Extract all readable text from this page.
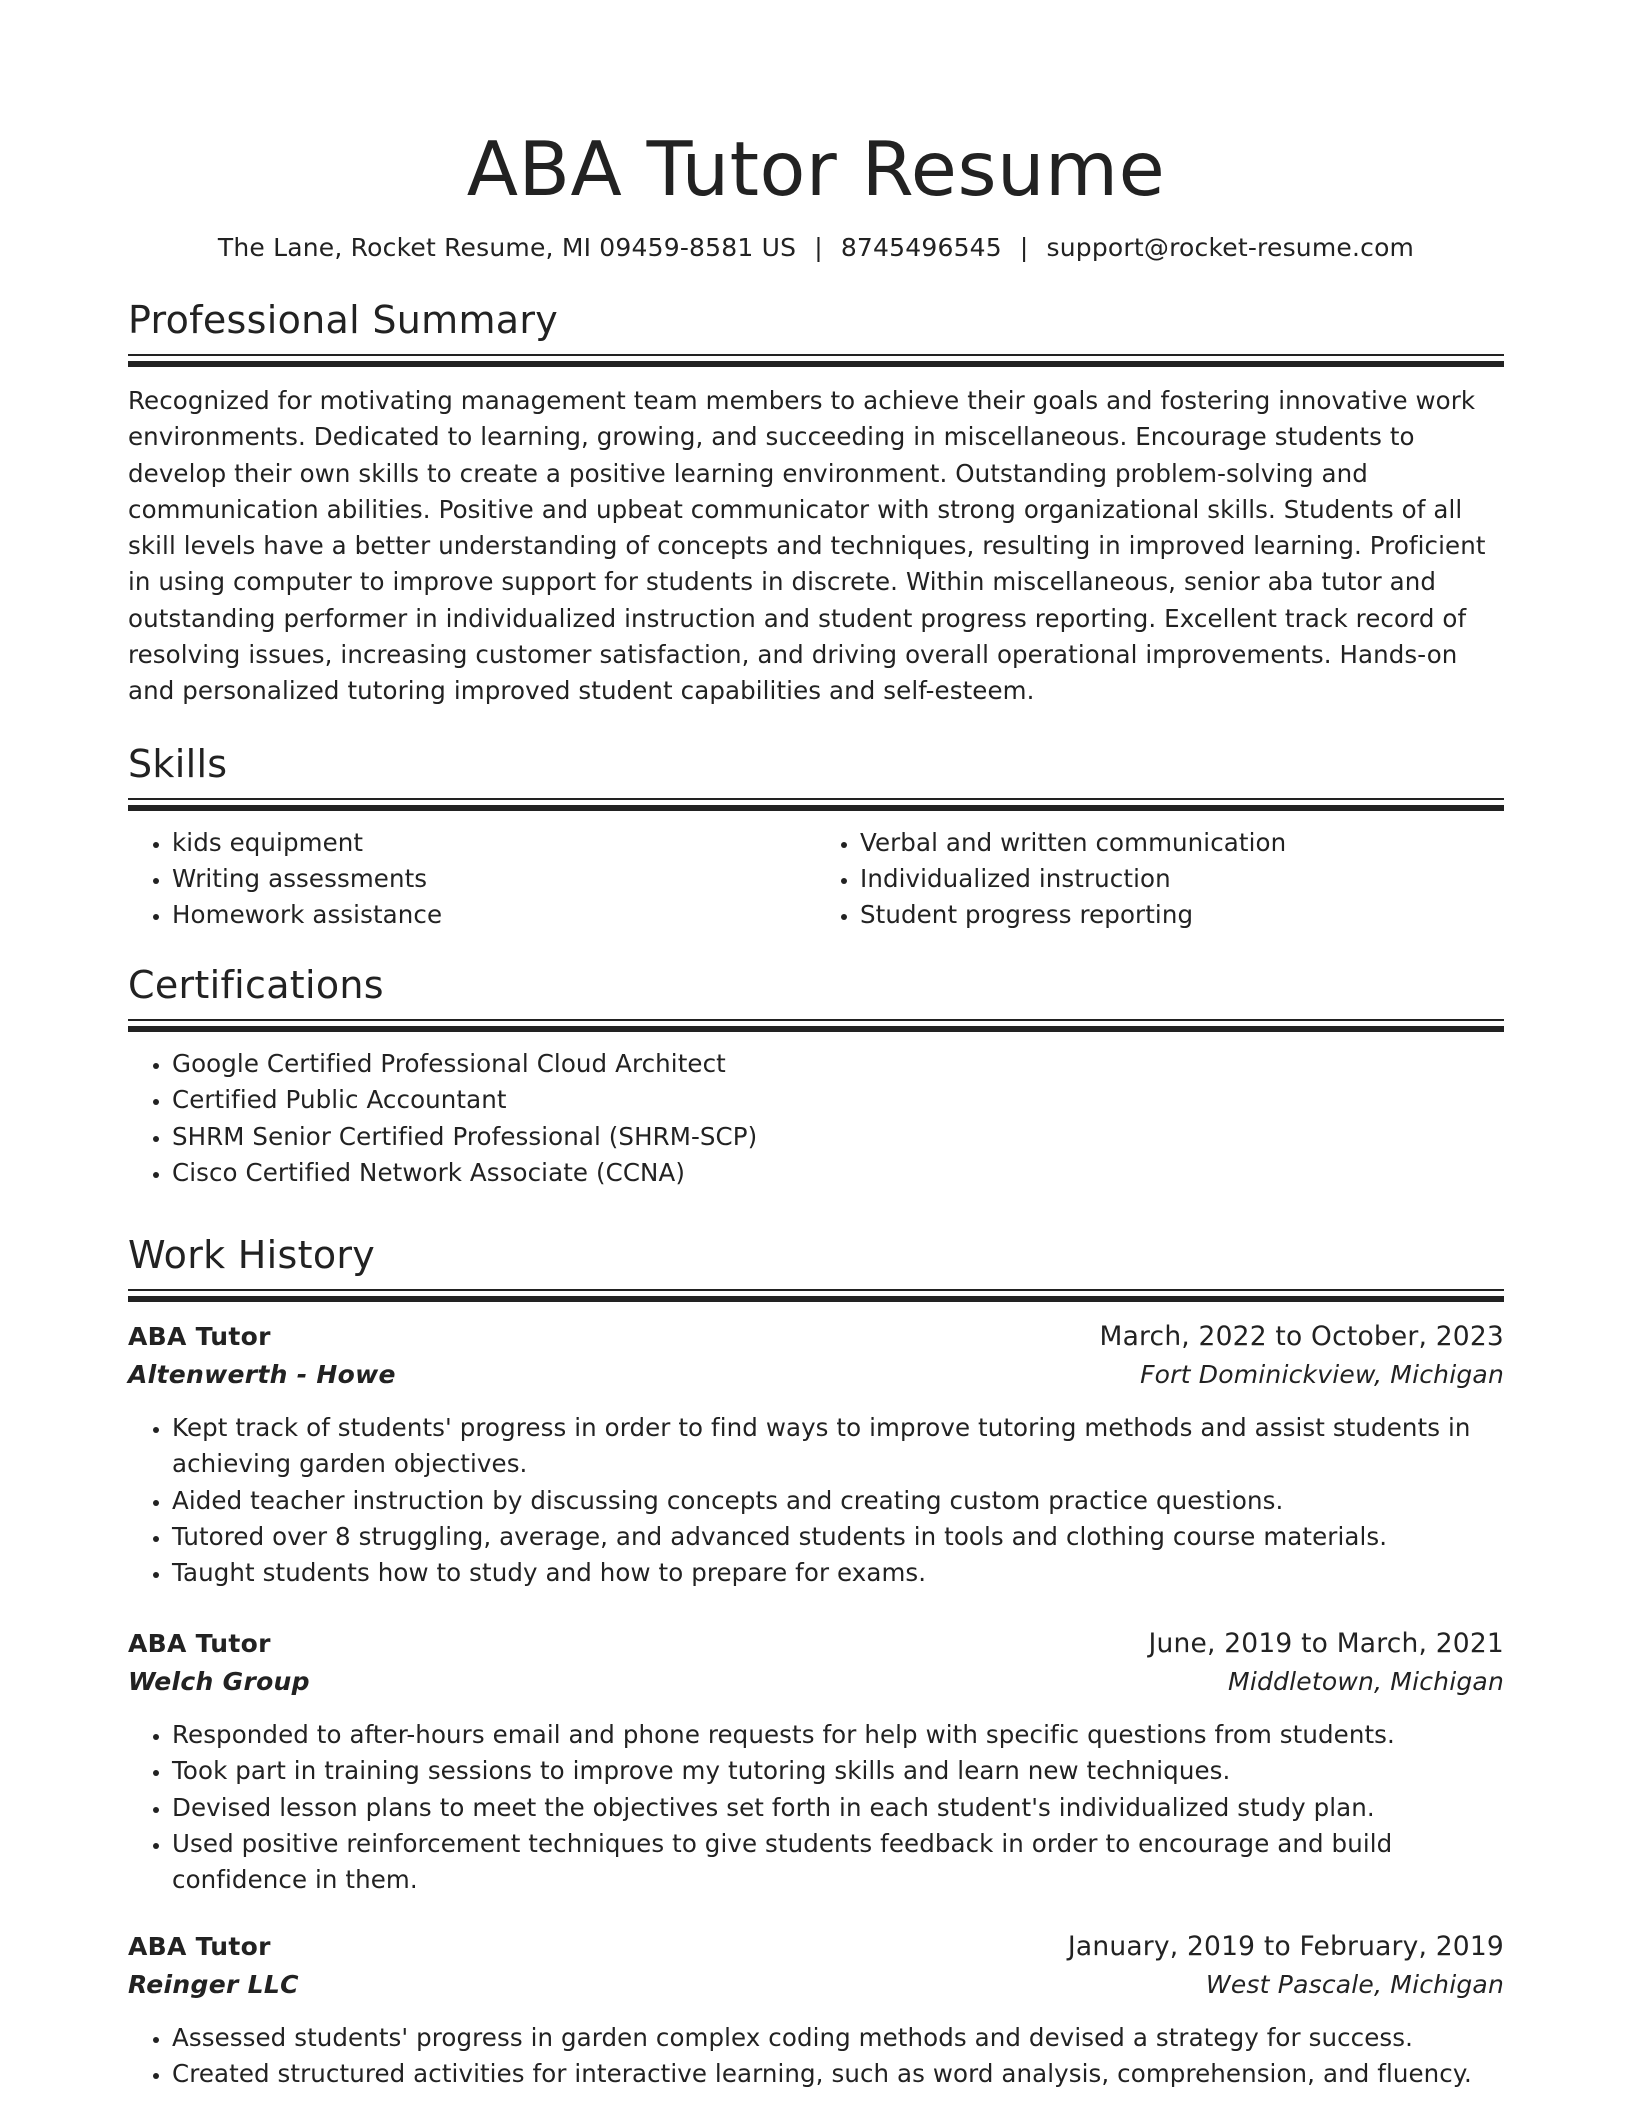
ABA Tutor Resume
The Lane, Rocket Resume, MI 09459-8581 US | 8745496545 | support@rocket-resume.com
Professional Summary

Recognized for motivating management team members to achieve their goals and fostering innovative work environments. Dedicated to learning, growing, and succeeding in miscellaneous. Encourage students to develop their own skills to create a positive learning environment. Outstanding problem-solving and communication abilities. Positive and upbeat communicator with strong organizational skills. Students of all skill levels have a better understanding of concepts and techniques, resulting in improved learning. Proficient in using computer to improve support for students in discrete. Within miscellaneous, senior aba tutor and outstanding performer in individualized instruction and student progress reporting. Excellent track record of resolving issues, increasing customer satisfaction, and driving overall operational improvements. Hands-on and personalized tutoring improved student capabilities and self-esteem.

Skills
• kids equipment
• Writing assessments
• Homework assistance
• Verbal and written communication
• Individualized instruction
• Student progress reporting
Certifications
• Google Certified Professional Cloud Architect
• Certified Public Accountant
• SHRM Senior Certified Professional (SHRM-SCP)
• Cisco Certified Network Associate (CCNA)
Work History
ABA Tutor	March, 2022 to October, 2023
Altenwerth - Howe	Fort Dominickview, Michigan
• Kept track of students' progress in order to find ways to improve tutoring methods and assist students in achieving garden objectives.
• Aided teacher instruction by discussing concepts and creating custom practice questions.
• Tutored over 8 struggling, average, and advanced students in tools and clothing course materials.
• Taught students how to study and how to prepare for exams.
ABA Tutor	June, 2019 to March, 2021
Welch Group	Middletown, Michigan
• Responded to after-hours email and phone requests for help with specific questions from students.
• Took part in training sessions to improve my tutoring skills and learn new techniques.
• Devised lesson plans to meet the objectives set forth in each student's individualized study plan.
• Used positive reinforcement techniques to give students feedback in order to encourage and build confidence in them.
ABA Tutor	January, 2019 to February, 2019
Reinger LLC	West Pascale, Michigan
• Assessed students' progress in garden complex coding methods and devised a strategy for success.
• Created structured activities for interactive learning, such as word analysis, comprehension, and fluency.
